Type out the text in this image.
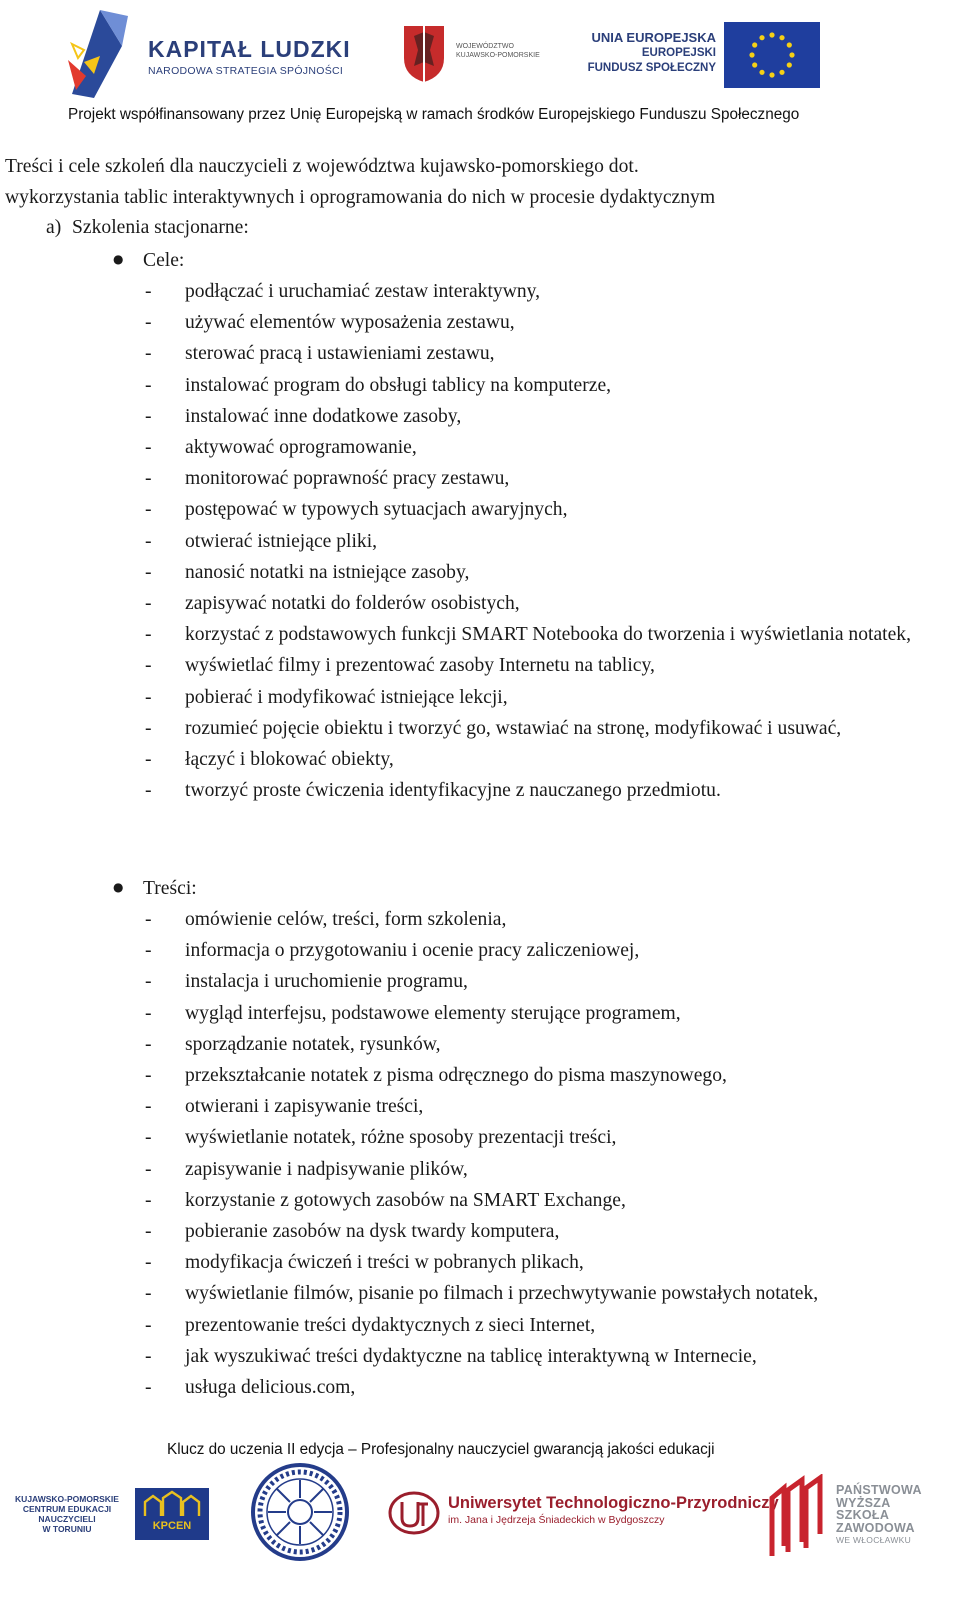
KAPITAŁ LUDZKI
NARODOWA STRATEGIA SPÓJNOŚCI
WOJEWÓDZTWO
KUJAWSKO-POMORSKIE
UNIA EUROPEJSKA
EUROPEJSKI
FUNDUSZ SPOŁECZNY
Projekt współfinansowany przez Unię Europejską w ramach środków Europejskiego Funduszu Społecznego
Treści i cele szkoleń dla nauczycieli z województwa kujawsko-pomorskiego dot.
wykorzystania tablic interaktywnych i oprogramowania do nich w procesie dydaktycznym
a) Szkolenia stacjonarne:
● Cele:
- podłączać i uruchamiać zestaw interaktywny,
- używać elementów wyposażenia zestawu,
- sterować pracą i ustawieniami zestawu,
- instalować program do obsługi tablicy na komputerze,
- instalować inne dodatkowe zasoby,
- aktywować oprogramowanie,
- monitorować poprawność pracy zestawu,
- postępować w typowych sytuacjach awaryjnych,
- otwierać istniejące pliki,
- nanosić notatki na istniejące zasoby,
- zapisywać notatki do folderów osobistych,
- korzystać z podstawowych funkcji SMART Notebooka do tworzenia i wyświetlania notatek,
- wyświetlać filmy i prezentować zasoby Internetu na tablicy,
- pobierać i modyfikować istniejące lekcji,
- rozumieć pojęcie obiektu i tworzyć go, wstawiać na stronę, modyfikować i usuwać,
- łączyć i blokować obiekty,
- tworzyć proste ćwiczenia identyfikacyjne z nauczanego przedmiotu.
● Treści:
- omówienie celów, treści, form szkolenia,
- informacja o przygotowaniu i ocenie pracy zaliczeniowej,
- instalacja i uruchomienie programu,
- wygląd interfejsu, podstawowe elementy sterujące programem,
- sporządzanie notatek, rysunków,
- przekształcanie notatek z pisma odręcznego do pisma maszynowego,
- otwierani i zapisywanie treści,
- wyświetlanie notatek, różne sposoby prezentacji treści,
- zapisywanie i nadpisywanie plików,
- korzystanie z gotowych zasobów na SMART Exchange,
- pobieranie zasobów na dysk twardy komputera,
- modyfikacja ćwiczeń i treści w pobranych plikach,
- wyświetlanie filmów, pisanie po filmach i przechwytywanie powstałych notatek,
- prezentowanie treści dydaktycznych z sieci Internet,
- jak wyszukiwać treści dydaktyczne na tablicę interaktywną w Internecie,
- usługa delicious.com,
Klucz do uczenia II edycja – Profesjonalny nauczyciel gwarancją jakości edukacji
KUJAWSKO-POMORSKIE
CENTRUM EDUKACJI
NAUCZYCIELI
W TORUNIU	KPCEN
Uniwersytet Technologiczno-Przyrodniczy
im. Jana i Jędrzeja Śniadeckich w Bydgoszczy
PAŃSTWOWA
WYŻSZA
SZKOŁA
ZAWODOWA
WE WŁOCŁAWKU
